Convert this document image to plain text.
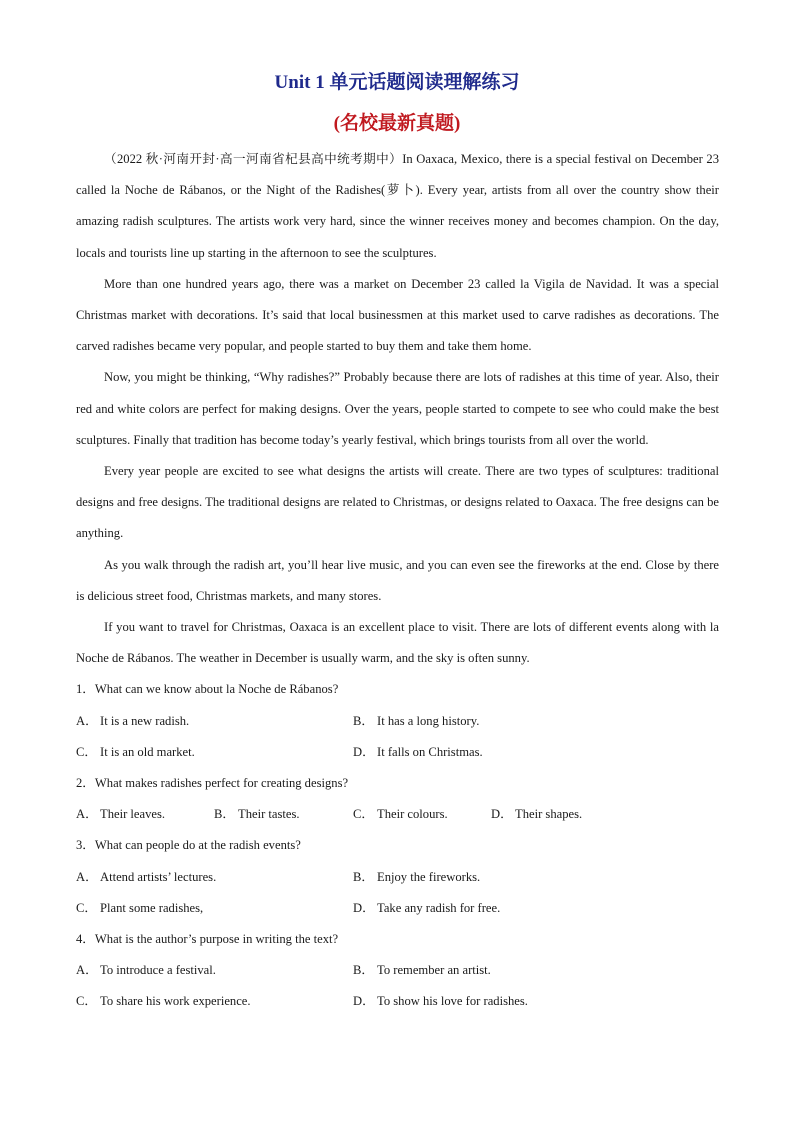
Unit 1 单元话题阅读理解练习
(名校最新真题)

（2022 秋·河南开封·高一河南省杞县高中统考期中）In Oaxaca, Mexico, there is a special festival on December 23 called la Noche de Rábanos, or the Night of the Radishes(萝卜). Every year, artists from all over the country show their amazing radish sculptures. The artists work very hard, since the winner receives money and becomes champion. On the day, locals and tourists line up starting in the afternoon to see the sculptures.

More than one hundred years ago, there was a market on December 23 called la Vigila de Navidad. It was a special Christmas market with decorations. It’s said that local businessmen at this market used to carve radishes as decorations. The carved radishes became very popular, and people started to buy them and take them home.

Now, you might be thinking, “Why radishes?” Probably because there are lots of radishes at this time of year. Also, their red and white colors are perfect for making designs. Over the years, people started to compete to see who could make the best sculptures. Finally that tradition has become today’s yearly festival, which brings tourists from all over the world.

Every year people are excited to see what designs the artists will create. There are two types of sculptures: traditional designs and free designs. The traditional designs are related to Christmas, or designs related to Oaxaca. The free designs can be anything.

As you walk through the radish art, you’ll hear live music, and you can even see the fireworks at the end. Close by there is delicious street food, Christmas markets, and many stores.

If you want to travel for Christmas, Oaxaca is an excellent place to visit. There are lots of different events along with la Noche de Rábanos. The weather in December is usually warm, and the sky is often sunny.

1．What can we know about la Noche de Rábanos?

A． It is a new radish.	B． It has a long history.
C． It is an old market.	D． It falls on Christmas.

2．What makes radishes perfect for creating designs?

A． Their leaves.	B． Their tastes.	C． Their colours.	D． Their shapes.

3．What can people do at the radish events?

A． Attend artists’ lectures.	B． Enjoy the fireworks.
C． Plant some radishes,	D． Take any radish for free.

4．What is the author’s purpose in writing the text?

A． To introduce a festival.	B． To remember an artist.
C． To share his work experience.	D． To show his love for radishes.
